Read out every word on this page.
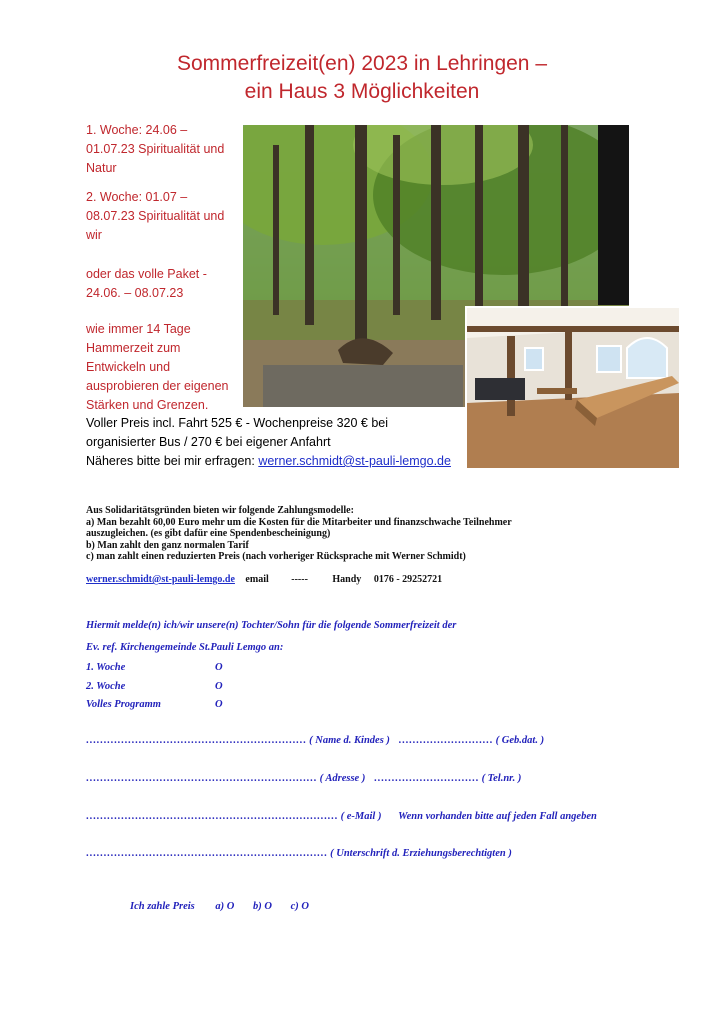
Sommerfreizeit(en) 2023 in Lehringen –
ein Haus 3 Möglichkeiten
1. Woche: 24.06 –
01.07.23 Spiritualität und
Natur
2. Woche: 01.07 –
08.07.23 Spiritualität und
wir
oder das volle Paket -
24.06. – 08.07.23
wie immer 14 Tage
Hammerzeit zum
Entwickeln und
ausprobieren der eigenen
Stärken und Grenzen.
Voller Preis incl. Fahrt 525 € - Wochenpreise 320 € bei
organisierter Bus / 270 € bei eigener Anfahrt
Näheres bitte bei mir erfragen: werner.schmidt@st-pauli-lemgo.de
Aus Solidaritätsgründen bieten wir folgende Zahlungsmodelle:
a) Man bezahlt 60,00 Euro mehr um die Kosten für die Mitarbeiter und finanzschwache Teilnehmer
auszugleichen. (es gibt dafür eine Spendenbescheinigung)
b) Man zahlt den ganz normalen Tarif
c) man zahlt einen reduzierten Preis (nach vorheriger Rücksprache mit Werner Schmidt)
werner.schmidt@st-pauli-lemgo.de email ----- Handy 0176 - 29252721
Hiermit melde(n) ich/wir unsere(n) Tochter/Sohn für die folgende Sommerfreizeit der
Ev. ref. Kirchengemeinde St.Pauli Lemgo an:
1. Woche	O
2. Woche	O
Volles Programm	O
……………………………………………………… ( Name d. Kindes ) ……………………… ( Geb.dat. )
………………………………………………………… ( Adresse ) ………………………… ( Tel.nr. )
……………………………………………………………… ( e-Mail ) Wenn vorhanden bitte auf jeden Fall angeben
…………………………………………………………… ( Unterschrift d. Erziehungsberechtigten )
Ich zahle Preis a) O b) O c) O
